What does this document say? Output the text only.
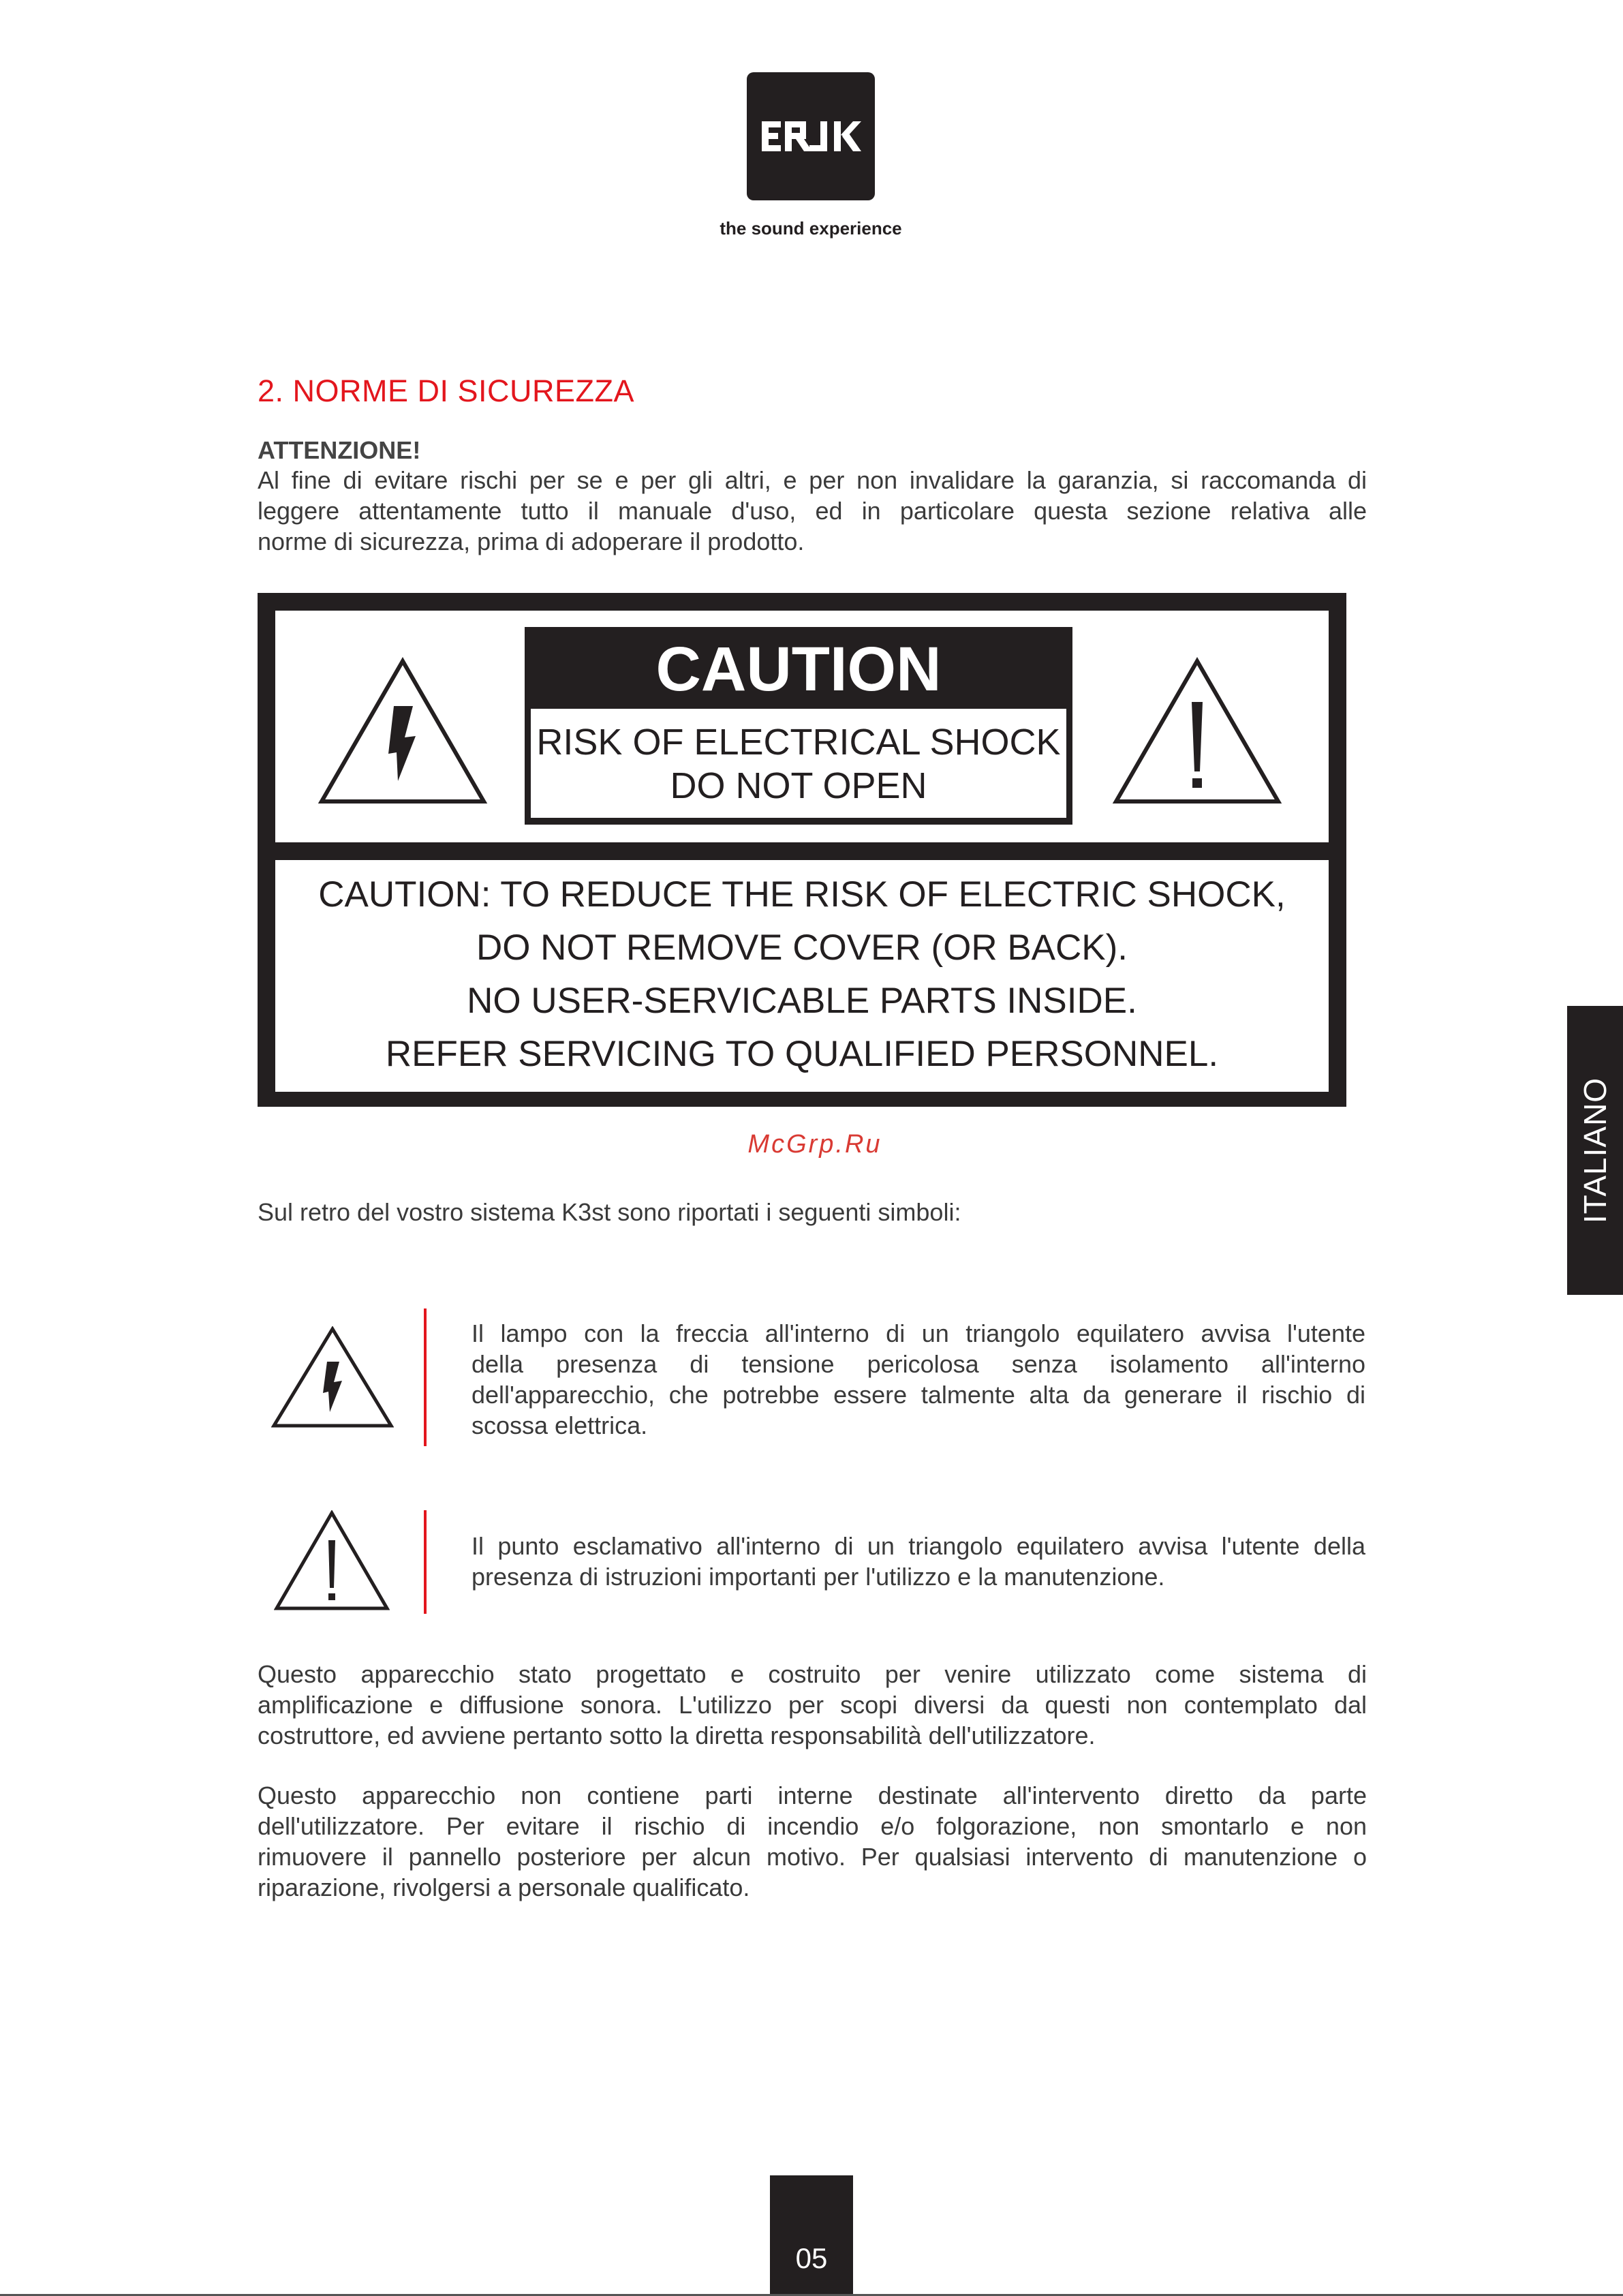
the sound experience
2. NORME DI SICUREZZA
ATTENZIONE!
Al fine di evitare rischi per se e per gli altri, e per non invalidare la garanzia, si raccomanda di
leggere attentamente tutto il manuale d'uso, ed in particolare questa sezione relativa alle
norme di sicurezza, prima di adoperare il prodotto.
CAUTION
RISK OF ELECTRICAL SHOCK
DO NOT OPEN
CAUTION: TO REDUCE THE RISK OF ELECTRIC SHOCK,
DO NOT REMOVE COVER (OR BACK).
NO USER-SERVICABLE PARTS INSIDE.
REFER SERVICING TO QUALIFIED PERSONNEL.
McGrp.Ru
Sul retro del vostro sistema K3st sono riportati i seguenti simboli:
Il lampo con la freccia all'interno di un triangolo equilatero avvisa l'utente
della presenza di tensione pericolosa senza isolamento all'interno
dell'apparecchio, che potrebbe essere talmente alta da generare il rischio di
scossa elettrica.
Il punto esclamativo all'interno di un triangolo equilatero avvisa l'utente della
presenza di istruzioni importanti per l'utilizzo e la manutenzione.
Questo apparecchio stato progettato e costruito per venire utilizzato come sistema di
amplificazione e diffusione sonora. L'utilizzo per scopi diversi da questi non contemplato dal
costruttore, ed avviene pertanto sotto la diretta responsabilità dell'utilizzatore.
Questo apparecchio non contiene parti interne destinate all'intervento diretto da parte
dell'utilizzatore. Per evitare il rischio di incendio e/o folgorazione, non smontarlo e non
rimuovere il pannello posteriore per alcun motivo. Per qualsiasi intervento di manutenzione o
riparazione, rivolgersi a personale qualificato.
ITALIANO
05
